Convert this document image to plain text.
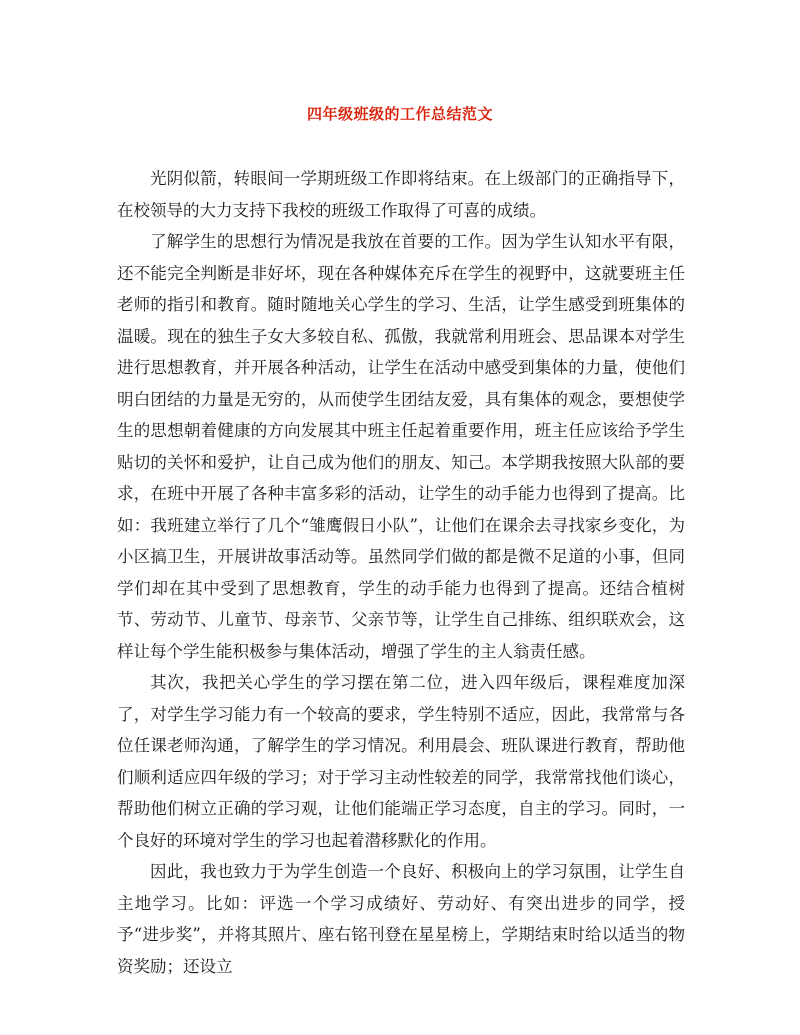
四年级班级的工作总结范文

光阴似箭，转眼间一学期班级工作即将结束。在上级部门的正确指导下，在校领导的大力支持下我校的班级工作取得了可喜的成绩。

了解学生的思想行为情况是我放在首要的工作。因为学生认知水平有限，还不能完全判断是非好坏，现在各种媒体充斥在学生的视野中，这就要班主任老师的指引和教育。随时随地关心学生的学习、生活，让学生感受到班集体的温暖。现在的独生子女大多较自私、孤傲，我就常利用班会、思品课本对学生进行思想教育，并开展各种活动，让学生在活动中感受到集体的力量，使他们明白团结的力量是无穷的，从而使学生团结友爱，具有集体的观念，要想使学生的思想朝着健康的方向发展其中班主任起着重要作用，班主任应该给予学生贴切的关怀和爱护，让自己成为他们的朋友、知己。本学期我按照大队部的要求，在班中开展了各种丰富多彩的活动，让学生的动手能力也得到了提高。比如：我班建立举行了几个“雏鹰假日小队”，让他们在课余去寻找家乡变化，为小区搞卫生，开展讲故事活动等。虽然同学们做的都是微不足道的小事，但同学们却在其中受到了思想教育，学生的动手能力也得到了提高。还结合植树节、劳动节、儿童节、母亲节、父亲节等，让学生自己排练、组织联欢会，这样让每个学生能积极参与集体活动，增强了学生的主人翁责任感。

其次，我把关心学生的学习摆在第二位，进入四年级后，课程难度加深了，对学生学习能力有一个较高的要求，学生特别不适应，因此，我常常与各位任课老师沟通，了解学生的学习情况。利用晨会、班队课进行教育，帮助他们顺利适应四年级的学习；对于学习主动性较差的同学，我常常找他们谈心，帮助他们树立正确的学习观，让他们能端正学习态度，自主的学习。同时，一个良好的环境对学生的学习也起着潜移默化的作用。

因此，我也致力于为学生创造一个良好、积极向上的学习氛围，让学生自主地学习。比如：评选一个学习成绩好、劳动好、有突出进步的同学，授予“进步奖”，并将其照片、座右铭刊登在星星榜上，学期结束时给以适当的物资奖励；还设立
